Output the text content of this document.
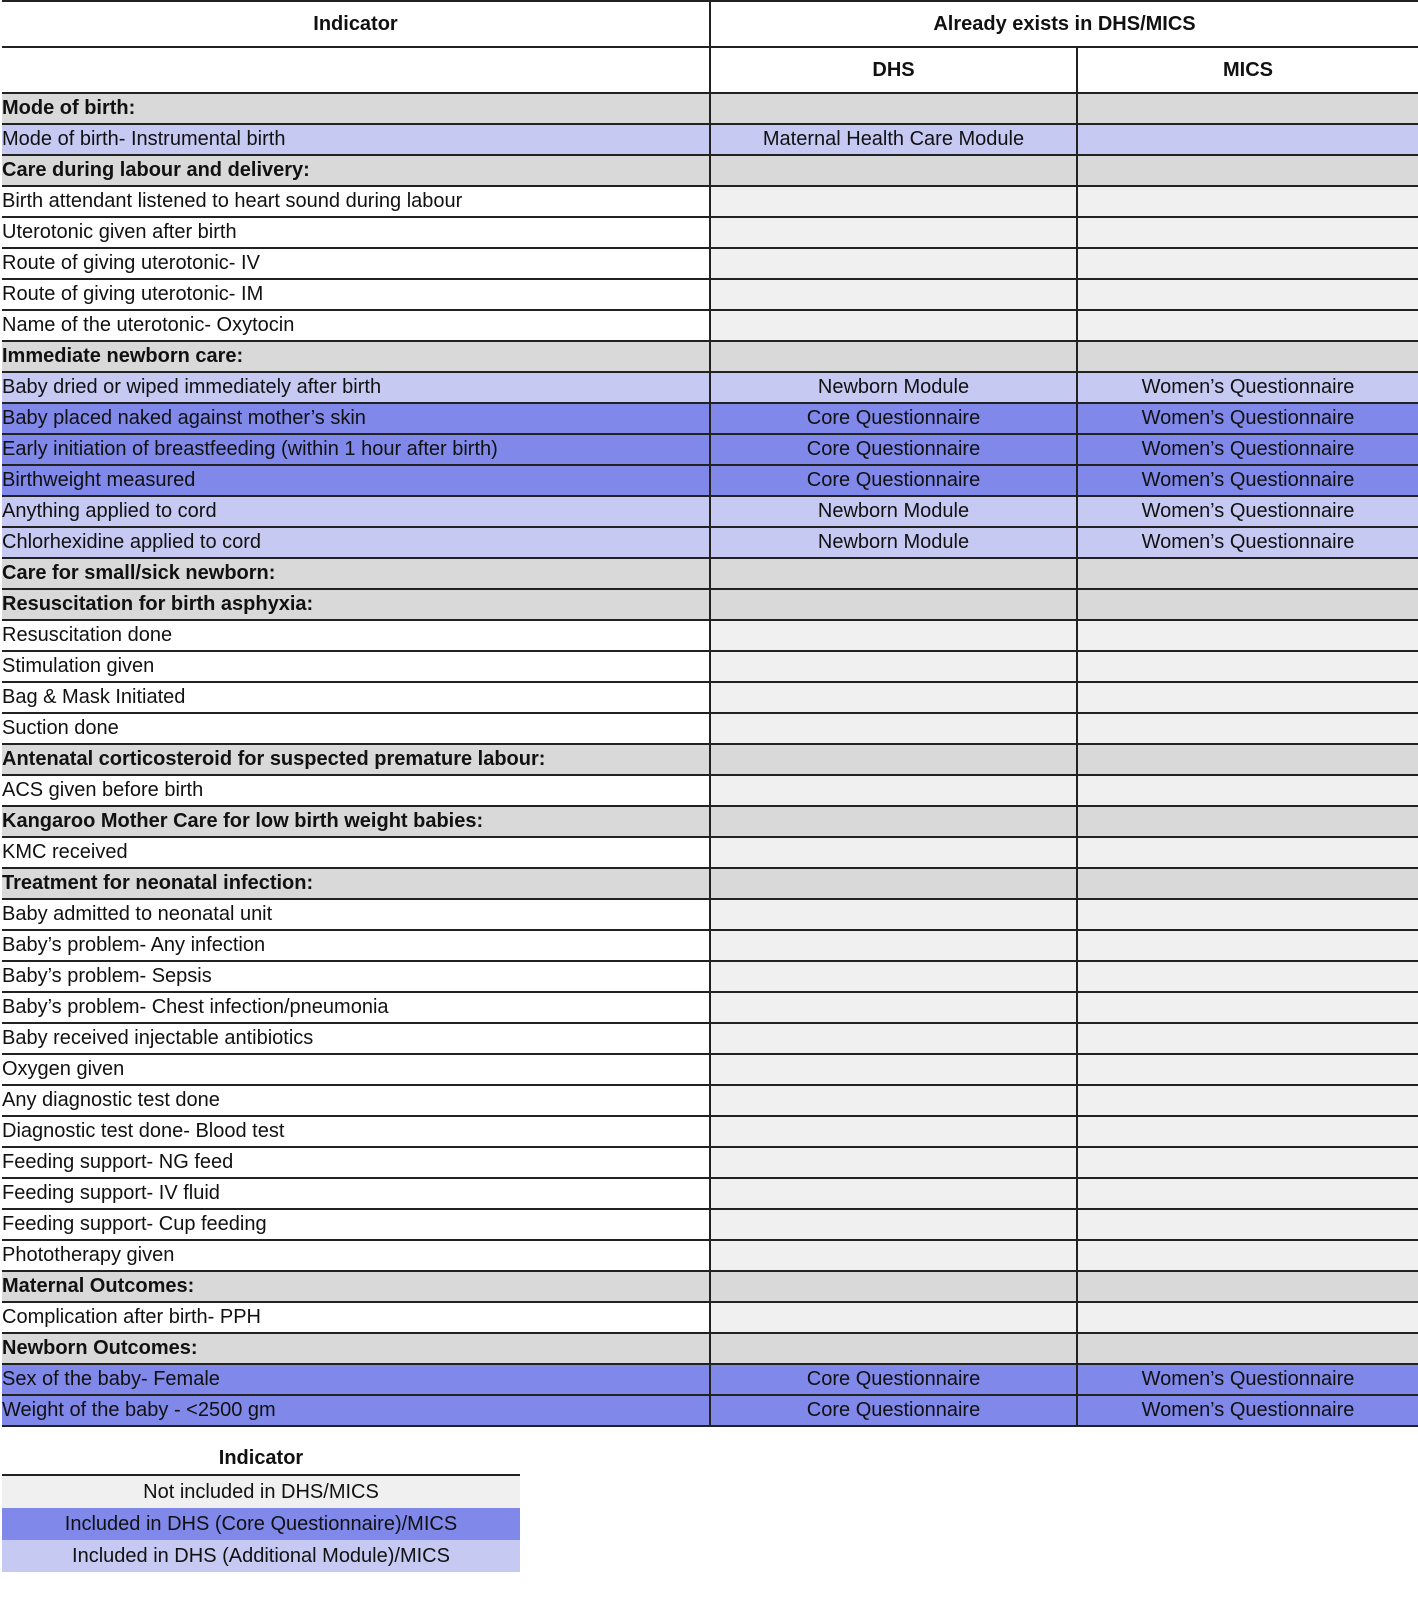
Indicator	Already exists in DHS/MICS	
	DHS	MICS
Mode of birth:		
Mode of birth- Instrumental birth	Maternal Health Care Module	
Care during labour and delivery:		
Birth attendant listened to heart sound during labour		
Uterotonic given after birth		
Route of giving uterotonic- IV		
Route of giving uterotonic- IM		
Name of the uterotonic- Oxytocin		
Immediate newborn care:		
Baby dried or wiped immediately after birth	Newborn Module	Women’s Questionnaire
Baby placed naked against mother’s skin	Core Questionnaire	Women’s Questionnaire
Early initiation of breastfeeding (within 1 hour after birth)	Core Questionnaire	Women’s Questionnaire
Birthweight measured	Core Questionnaire	Women’s Questionnaire
Anything applied to cord	Newborn Module	Women’s Questionnaire
Chlorhexidine applied to cord	Newborn Module	Women’s Questionnaire
Care for small/sick newborn:		
Resuscitation for birth asphyxia:		
Resuscitation done		
Stimulation given		
Bag & Mask Initiated		
Suction done		
Antenatal corticosteroid for suspected premature labour:		
ACS given before birth		
Kangaroo Mother Care for low birth weight babies:		
KMC received		
Treatment for neonatal infection:		
Baby admitted to neonatal unit		
Baby’s problem- Any infection		
Baby’s problem- Sepsis		
Baby’s problem- Chest infection/pneumonia		
Baby received injectable antibiotics		
Oxygen given		
Any diagnostic test done		
Diagnostic test done- Blood test		
Feeding support- NG feed		
Feeding support- IV fluid		
Feeding support- Cup feeding		
Phototherapy given		
Maternal Outcomes:		
Complication after birth- PPH		
Newborn Outcomes:		
Sex of the baby- Female	Core Questionnaire	Women’s Questionnaire
Weight of the baby - <2500 gm	Core Questionnaire	Women’s Questionnaire
Indicator
Not included in DHS/MICS
Included in DHS (Core Questionnaire)/MICS
Included in DHS (Additional Module)/MICS
